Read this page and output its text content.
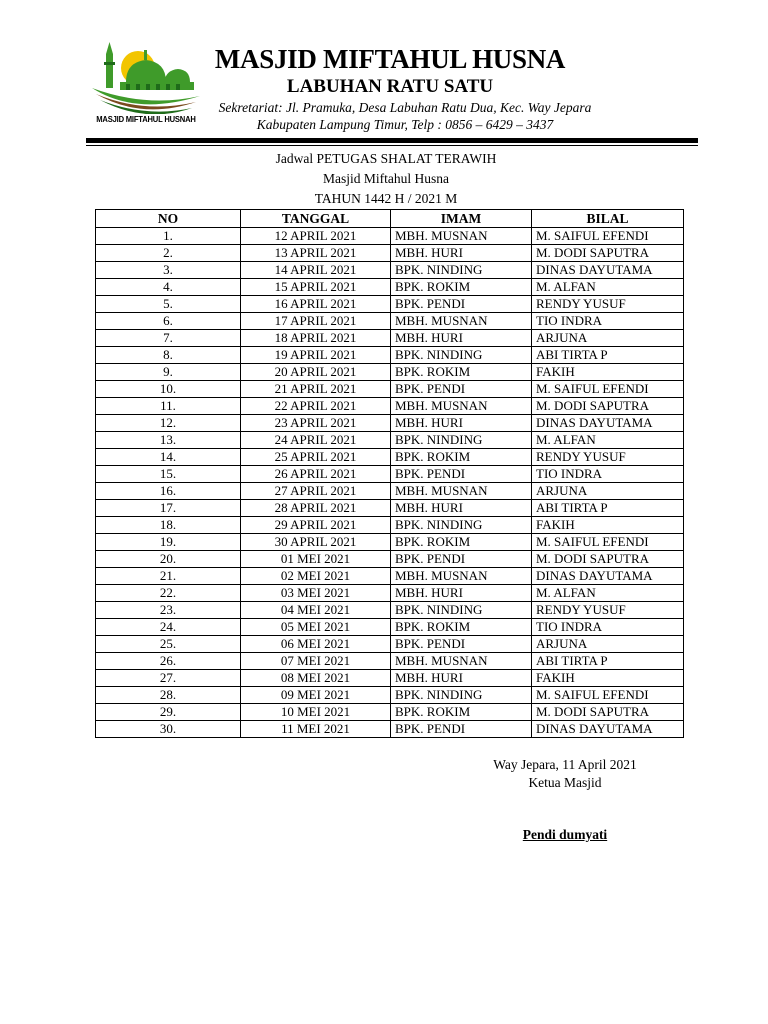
MASJID MIFTAHUL HUSNAH
MASJID MIFTAHUL HUSNA
LABUHAN RATU SATU
Sekretariat: Jl. Pramuka, Desa Labuhan Ratu Dua, Kec. Way Jepara
Kabupaten Lampung Timur, Telp : 0856 – 6429 – 3437
Jadwal PETUGAS SHALAT TERAWIH
Masjid Miftahul Husna
TAHUN 1442 H / 2021 M
NO	TANGGAL	IMAM	BILAL
1.	12 APRIL 2021	MBH. MUSNAN	M. SAIFUL EFENDI
2.	13 APRIL 2021	MBH. HURI	M. DODI SAPUTRA
3.	14 APRIL 2021	BPK. NINDING	DINAS DAYUTAMA
4.	15 APRIL 2021	BPK. ROKIM	M. ALFAN
5.	16 APRIL 2021	BPK. PENDI	RENDY YUSUF
6.	17 APRIL 2021	MBH. MUSNAN	TIO INDRA
7.	18 APRIL 2021	MBH. HURI	ARJUNA
8.	19 APRIL 2021	BPK. NINDING	ABI TIRTA P
9.	20 APRIL 2021	BPK. ROKIM	FAKIH
10.	21 APRIL 2021	BPK. PENDI	M. SAIFUL EFENDI
11.	22 APRIL 2021	MBH. MUSNAN	M. DODI SAPUTRA
12.	23 APRIL 2021	MBH. HURI	DINAS DAYUTAMA
13.	24 APRIL 2021	BPK. NINDING	M. ALFAN
14.	25 APRIL 2021	BPK. ROKIM	RENDY YUSUF
15.	26 APRIL 2021	BPK. PENDI	TIO INDRA
16.	27 APRIL 2021	MBH. MUSNAN	ARJUNA
17.	28 APRIL 2021	MBH. HURI	ABI TIRTA P
18.	29 APRIL 2021	BPK. NINDING	FAKIH
19.	30 APRIL 2021	BPK. ROKIM	M. SAIFUL EFENDI
20.	01 MEI 2021	BPK. PENDI	M. DODI SAPUTRA
21.	02 MEI 2021	MBH. MUSNAN	DINAS DAYUTAMA
22.	03 MEI 2021	MBH. HURI	M. ALFAN
23.	04 MEI 2021	BPK. NINDING	RENDY YUSUF
24.	05 MEI 2021	BPK. ROKIM	TIO INDRA
25.	06 MEI 2021	BPK. PENDI	ARJUNA
26.	07 MEI 2021	MBH. MUSNAN	ABI TIRTA P
27.	08 MEI 2021	MBH. HURI	FAKIH
28.	09 MEI 2021	BPK. NINDING	M. SAIFUL EFENDI
29.	10 MEI 2021	BPK. ROKIM	M. DODI SAPUTRA
30.	11 MEI 2021	BPK. PENDI	DINAS DAYUTAMA
Way Jepara, 11 April 2021
Ketua Masjid
Pendi dumyati
